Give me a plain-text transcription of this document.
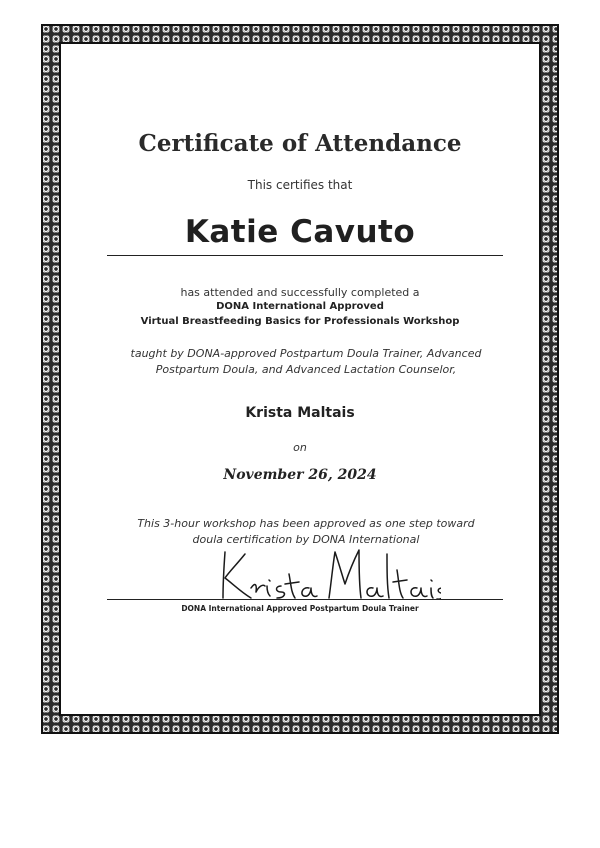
Certificate of Attendance
This certifies that
Katie Cavuto
has attended and successfully completed a
DONA International Approved
Virtual Breastfeeding Basics for Professionals Workshop
taught by DONA-approved Postpartum Doula Trainer, Advanced
Postpartum Doula, and Advanced Lactation Counselor,
Krista Maltais
on
November 26, 2024
This 3-hour workshop has been approved as one step toward
doula certification by DONA International
DONA International Approved Postpartum Doula Trainer
